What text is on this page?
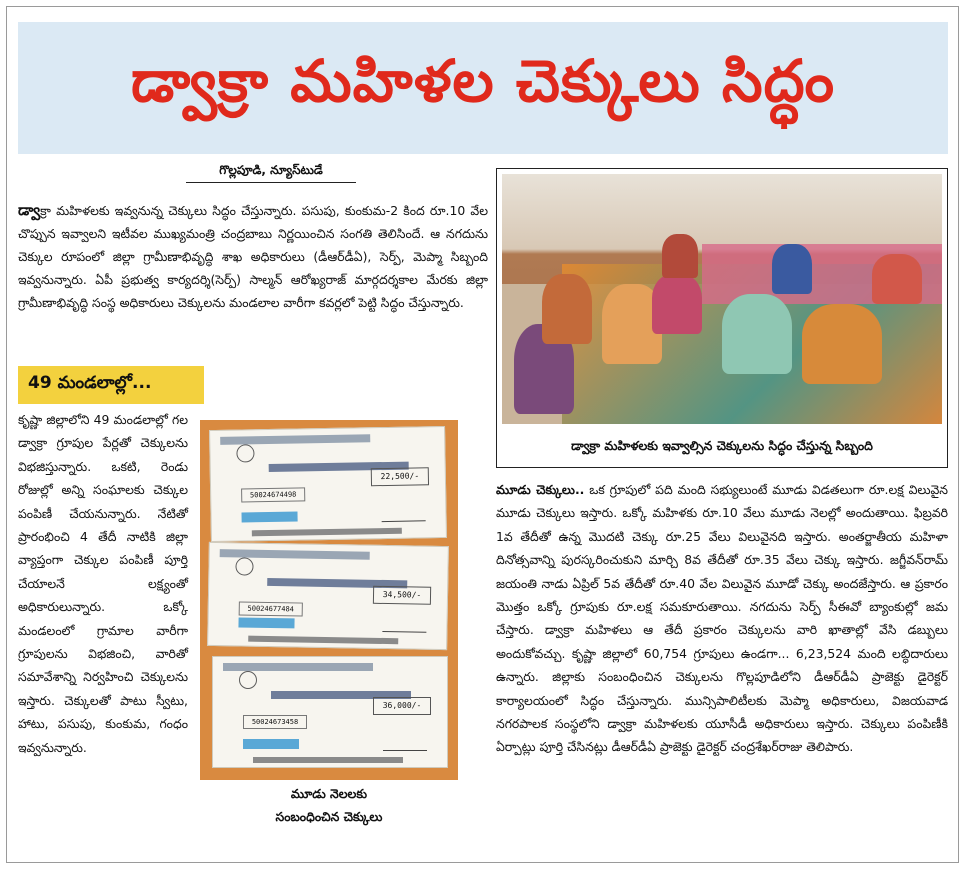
డ్వాక్రా మహిళల చెక్కులు సిద్ధం
గొల్లపూడి, న్యూస్‌టుడే

డ్వాక్రా మహిళలకు ఇవ్వనున్న చెక్కులు సిద్ధం చేస్తున్నారు. పసుపు, కుంకుమ-2 కింద రూ.10 వేల చొప్పున ఇవ్వాలని ఇటీవల ముఖ్యమంత్రి చంద్రబాబు నిర్ణయించిన సంగతి తెలిసిందే. ఆ నగదును చెక్కుల రూపంలో జిల్లా గ్రామీణాభివృద్ధి శాఖ అధికారులు (డీఆర్‌డీఏ), సెర్ప్, మెప్మా సిబ్బంది ఇవ్వనున్నారు. ఏపీ ప్రభుత్వ కార్యదర్శి(సెర్ప్) సాల్మన్ ఆరోఖ్యరాజ్ మార్గదర్శకాల మేరకు జిల్లా గ్రామీణాభివృద్ధి సంస్థ అధికారులు చెక్కులను మండలాల వారీగా కవర్లలో పెట్టి సిద్ధం చేస్తున్నారు.

49 మండలాల్లో...

కృష్ణా జిల్లాలోని 49 మండలాల్లో గల డ్వాక్రా గ్రూపుల పేర్లతో చెక్కులను విభజిస్తున్నారు. ఒకటి, రెండు రోజుల్లో అన్ని సంఘాలకు చెక్కుల పంపిణీ చేయనున్నారు. నేటితో ప్రారంభించి 4 తేదీ నాటికి జిల్లా వ్యాప్తంగా చెక్కుల పంపిణీ పూర్తి చేయాలనే లక్ష్యంతో అధికారులున్నారు. ఒక్కో మండలంలో గ్రామాల వారీగా గ్రూపులను విభజించి, వారితో సమావేశాన్ని నిర్వహించి చెక్కులను ఇస్తారు. చెక్కులతో పాటు స్వీటు, హాటు, పసుపు, కుంకుమ, గంధం ఇవ్వనున్నారు.

22,500/-
50024674498
34,500/-
50024677484
36,000/-
50024673458
మూడు నెలలకు
సంబంధించిన చెక్కులు
డ్వాక్రా మహిళలకు ఇవ్వాల్సిన చెక్కులను సిద్ధం చేస్తున్న సిబ్బంది

మూడు చెక్కులు.. ఒక గ్రూపులో పది మంది సభ్యులుంటే మూడు విడతలుగా రూ.లక్ష విలువైన మూడు చెక్కులు ఇస్తారు. ఒక్కో మహిళకు రూ.10 వేలు మూడు నెలల్లో అందుతాయి. ఫిబ్రవరి 1వ తేదీతో ఉన్న మొదటి చెక్కు రూ.25 వేలు విలువైనది ఇస్తారు. అంతర్జాతీయ మహిళా దినోత్సవాన్ని పురస్కరించుకుని మార్చి 8వ తేదీతో రూ.35 వేలు చెక్కు ఇస్తారు. జగ్జీవన్‌రామ్ జయంతి నాడు ఏప్రిల్ 5వ తేదీతో రూ.40 వేల విలువైన మూడో చెక్కు అందజేస్తారు. ఆ ప్రకారం మొత్తం ఒక్కో గ్రూపుకు రూ.లక్ష సమకూరుతాయి. నగదును సెర్ప్ సీఈవో బ్యాంకుల్లో జమ చేస్తారు. డ్వాక్రా మహిళలు ఆ తేదీ ప్రకారం చెక్కులను వారి ఖాతాల్లో వేసి డబ్బులు అందుకోవచ్చు. కృష్ణా జిల్లాలో 60,754 గ్రూపులు ఉండగా... 6,23,524 మంది లబ్ధిదారులు ఉన్నారు. జిల్లాకు సంబంధించిన చెక్కులను గొల్లపూడిలోని డీఆర్‌డీఏ ప్రాజెక్టు డైరెక్టర్ కార్యాలయంలో సిద్ధం చేస్తున్నారు. మున్సిపాలిటీలకు మెప్మా అధికారులు, విజయవాడ నగరపాలక సంస్థలోని డ్వాక్రా మహిళలకు యూసీడీ అధికారులు ఇస్తారు. చెక్కులు పంపిణీకి ఏర్పాట్లు పూర్తి చేసినట్లు డీఆర్‌డీఏ ప్రాజెక్టు డైరెక్టర్ చంద్రశేఖర్‌రాజు తెలిపారు.
